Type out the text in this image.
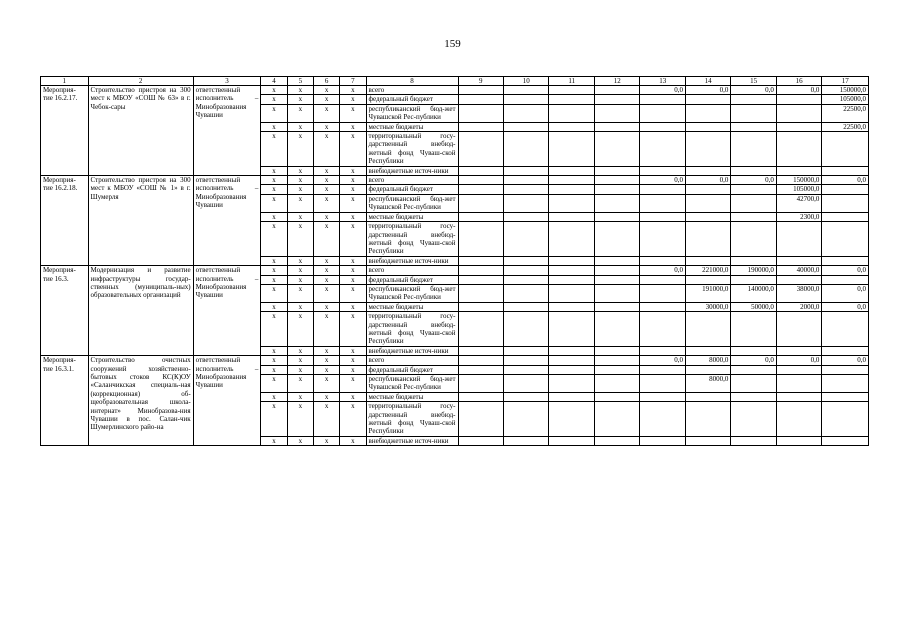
159
1	2	3	4	5	6	7	8	9	10	11	12	13	14	15	16	17
Мероприя-тие 16.2.17.	Строительство пристроя на 300 мест к МБОУ «СОШ № 63» в г. Чебок-сары	ответственный исполнитель – Минобразования Чувашии	x	x	x	x	всего					0,0	0,0	0,0	0,0	150000,0
			x	x	x	x	федеральный бюджет									105000,0
			x	x	x	x	республиканский бюд-жет Чувашской Рес-публики									22500,0
			x	x	x	x	местные бюджеты									22500,0
			x	x	x	x	территориальный госу-дарственный внебюд-жетный фонд Чуваш-ской Республики									
			x	x	x	x	внебюджетные источ-ники									
Мероприя-тие 16.2.18.	Строительство пристроя на 300 мест к МБОУ «СОШ № 1» в г. Шумерля	ответственный исполнитель – Минобразования Чувашии	x	x	x	x	всего					0,0	0,0	0,0	150000,0	0,0
			x	x	x	x	федеральный бюджет								105000,0	
			x	x	x	x	республиканский бюд-жет Чувашской Рес-публики								42700,0	
			x	x	x	x	местные бюджеты								2300,0	
			x	x	x	x	территориальный госу-дарственный внебюд-жетный фонд Чуваш-ской Республики									
			x	x	x	x	внебюджетные источ-ники									
Мероприя-тие 16.3.	Модернизация и развитие инфраструктуры государ-ственных (муниципаль-ных) образовательных организаций	ответственный исполнитель – Минобразования Чувашии	x	x	x	x	всего					0,0	221000,0	190000,0	40000,0	0,0
			x	x	x	x	федеральный бюджет									
			x	x	x	x	республиканский бюд-жет Чувашской Рес-публики						191000,0	140000,0	38000,0	0,0
			x	x	x	x	местные бюджеты						30000,0	50000,0	2000,0	0,0
			x	x	x	x	территориальный госу-дарственный внебюд-жетный фонд Чуваш-ской Республики									
			x	x	x	x	внебюджетные источ-ники									
Мероприя-тие 16.3.1.	Строительство очистных сооружений хозяйственно-бытовых стоков КС(К)ОУ «Саланчикская специаль-ная (коррекционная) об-щеобразовательная школа-интернат» Минобразова-ния Чувашии в пос. Салан-чик Шумерлинского райо-на	ответственный исполнитель – Минобразования Чувашии	x	x	x	x	всего					0,0	8000,0	0,0	0,0	0,0
			x	x	x	x	федеральный бюджет									
			x	x	x	x	республиканский бюд-жет Чувашской Рес-публики						8000,0			
			x	x	x	x	местные бюджеты									
			x	x	x	x	территориальный госу-дарственный внебюд-жетный фонд Чуваш-ской Республики									
			x	x	x	x	внебюджетные источ-ники									
